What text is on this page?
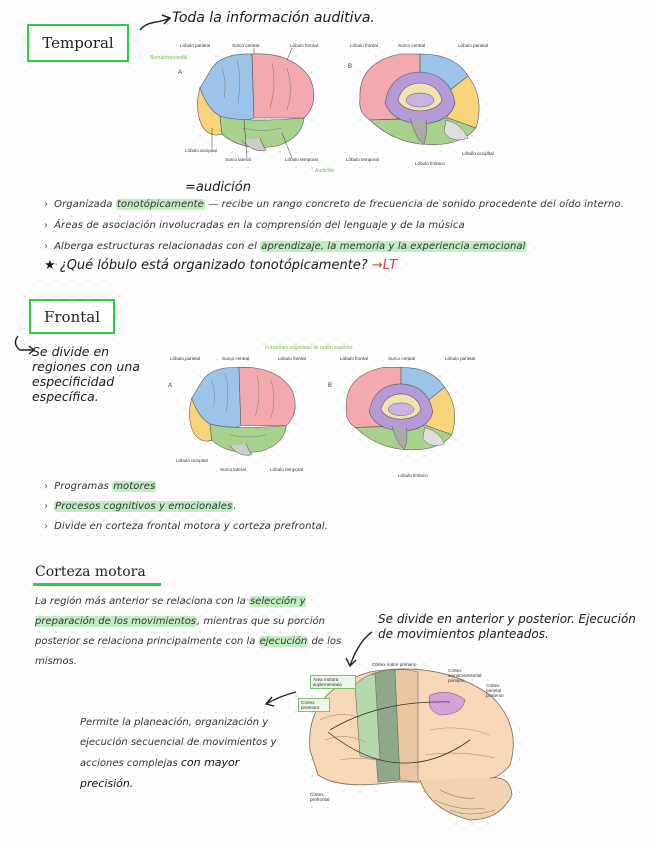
Temporal
Toda la información auditiva.
Somatosensorial
A
Lóbulo parietal	Surco central	Lóbulo frontal
Lóbulo occipital
Surco lateral	Lóbulo temporal
B
Lóbulo frontal	Surco central	Lóbulo parietal
Lóbulo temporal
Lóbulo límbico
Lóbulo occipital
Audición
=audición
› Organizada tonotópicamente — recibe un rango concreto de frecuencia de sonido procedente del oído interno.
› Áreas de asociación involucradas en la comprensión del lenguaje y de la música
› Alberga estructuras relacionadas con el aprendizaje, la memoria y la experiencia emocional
★ ¿Qué lóbulo está organizado tonotópicamente? →LT
Frontal
Se divide en regiones con una especificidad específica.
Funciones cognitivas de orden superior
Lóbulo parietal	Surco central	Lóbulo frontal
A
Lóbulo occipital
Surco lateral	Lóbulo temporal
B
Lóbulo frontal	Surco central	Lóbulo parietal
Lóbulo límbico
› Programas motores
› Procesos cognitivos y emocionales.
› Divide en corteza frontal motora y corteza prefrontal.
Corteza motora
La región más anterior se relaciona con la selección y preparación de los movimientos, mientras que su porción posterior se relaciona principalmente con la ejecución de los mismos.
Se divide en anterior y posterior. Ejecución de movimientos planteados.
Permite la planeación, organización y ejecución secuencial de movimientos y acciones complejas con mayor precisión.
Córtex motor primario
Córtex somatosensorial primario
Córtex parietal posterior
Área motora suplementaria
Córtex premotor
Córtex prefrontal
